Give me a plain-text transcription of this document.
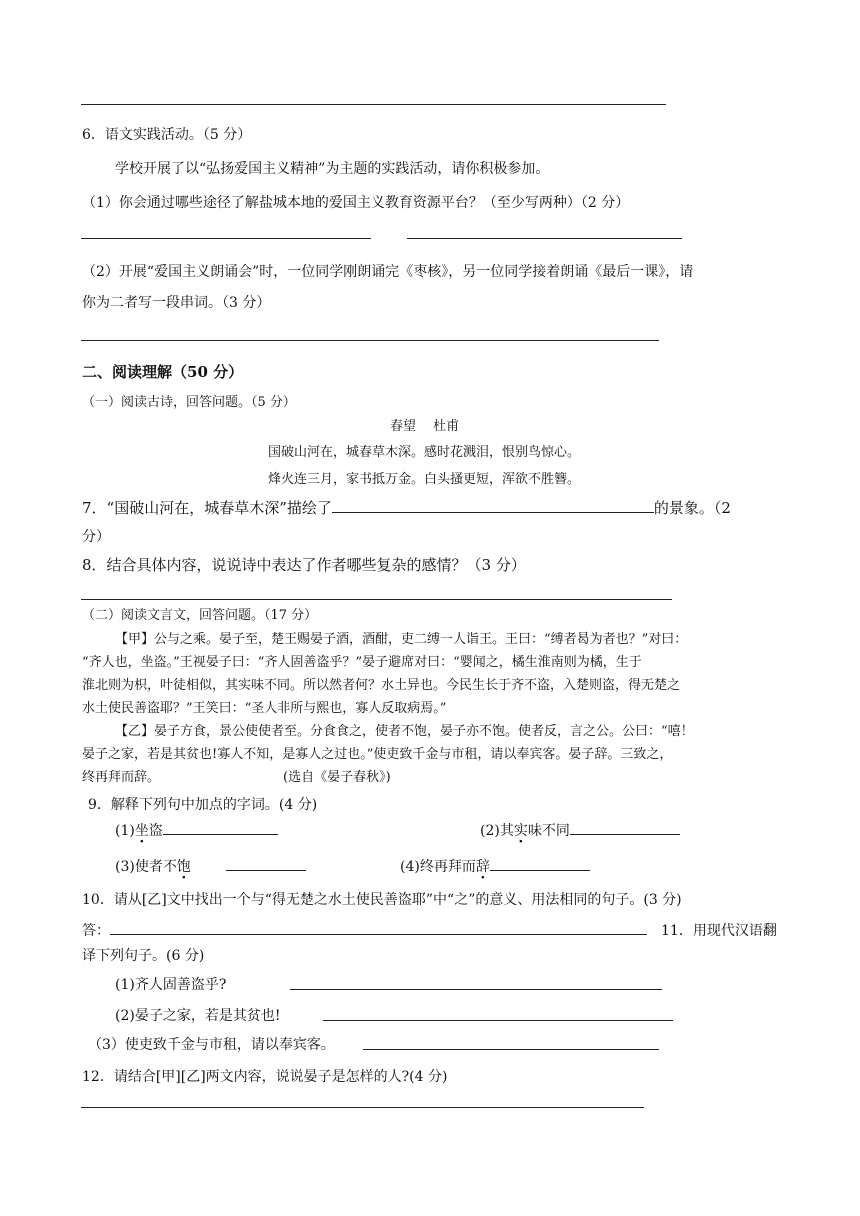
6．语文实践活动。（5 分）
学校开展了以“弘扬爱国主义精神”为主题的实践活动，请你积极参加。
（1）你会通过哪些途径了解盐城本地的爱国主义教育资源平台？（至少写两种）（2 分）
（2）开展“爱国主义朗诵会”时，一位同学刚朗诵完《枣核》，另一位同学接着朗诵《最后一课》，请
你为二者写一段串词。（3 分）
二、阅读理解（50 分）
（一）阅读古诗，回答问题。（5 分）
春望　 杜甫
国破山河在，城春草木深。感时花溅泪，恨别鸟惊心。
烽火连三月，家书抵万金。白头搔更短，浑欲不胜簪。
7．“国破山河在，城春草木深”描绘了	的景象。（2
分）
8．结合具体内容，说说诗中表达了作者哪些复杂的感情？（3 分）
（二）阅读文言文，回答问题。（17 分）
【甲】公与之乘。晏子至，楚王赐晏子酒，酒酣，吏二缚一人诣王。王曰：“缚者曷为者也？”对曰：
“齐人也，坐盗。”王视晏子曰：“齐人固善盗乎？”晏子避席对曰：“婴闻之，橘生淮南则为橘，生于
淮北则为枳，叶徒相似，其实味不同。所以然者何？水土异也。今民生长于齐不盗，入楚则盗，得无楚之
水土使民善盗耶？”王笑曰：“圣人非所与熙也，寡人反取病焉。”
【乙】晏子方食，景公使使者至。分食食之，使者不饱，晏子亦不饱。使者反，言之公。公曰：“嘻！
晏子之家，若是其贫也!寡人不知，是寡人之过也。”使吏致千金与市租，请以奉宾客。晏子辞。三致之，
终再拜而辞。	(选自《晏子春秋》)
9．解释下列句中加点的字词。(4 分)
(1)坐盗	(2)其实味不同
(3)使者不饱	(4)终再拜而辞
10．请从[乙]文中找出一个与“得无楚之水土使民善盗耶”中“之”的意义、用法相同的句子。(3 分)
答：	11．用现代汉语翻
译下列句子。(6 分)
(1)齐人固善盗乎?
(2)晏子之家，若是其贫也!
（3）使吏致千金与市租，请以奉宾客。
12．请结合[甲][乙]两文内容，说说晏子是怎样的人?(4 分)
